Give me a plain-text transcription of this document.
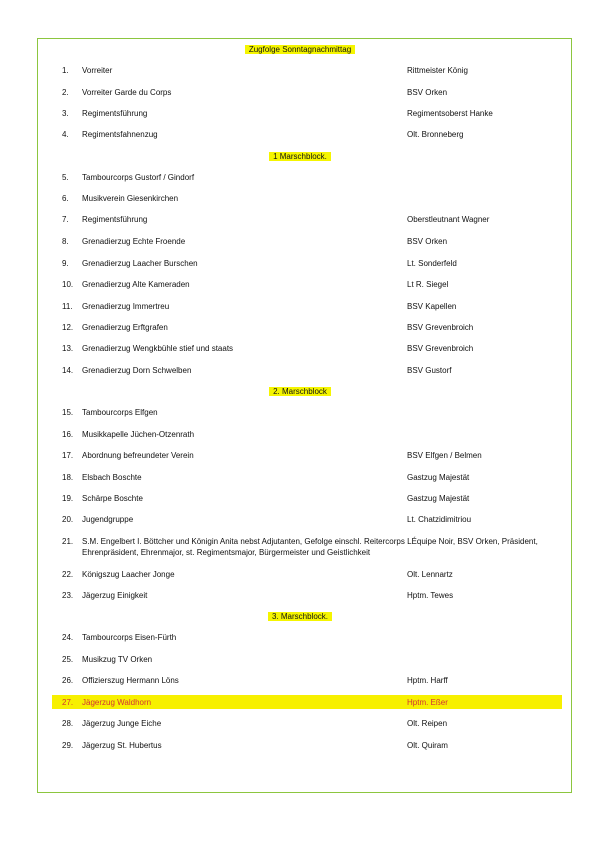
Zugfolge Sonntagnachmittag
1.	Vorreiter	Rittmeister König
2.	Vorreiter Garde du Corps	BSV Orken
3.	Regimentsführung	Regimentsoberst Hanke
4.	Regimentsfahnenzug	Olt. Bronneberg
1 Marschblock.
5.	Tambourcorps Gustorf / Gindorf
6.	Musikverein Giesenkirchen
7.	Regimentsführung	Oberstleutnant Wagner
8.	Grenadierzug Echte Froende	BSV Orken
9.	Grenadierzug Laacher Burschen	Lt. Sonderfeld
10.	Grenadierzug Alte Kameraden	Lt R. Siegel
11.	Grenadierzug Immertreu	BSV Kapellen
12.	Grenadierzug Erftgrafen	BSV Grevenbroich
13.	Grenadierzug Wengkbühle stief und staats	BSV Grevenbroich
14.	Grenadierzug Dorn Schwelben	BSV Gustorf
2. Marschblock
15.	Tambourcorps Elfgen
16.	Musikkapelle Jüchen-Otzenrath
17.	Abordnung befreundeter Verein	BSV Elfgen / Belmen
18.	Elsbach Boschte	Gastzug Majestät
19.	Schärpe Boschte	Gastzug Majestät
20.	Jugendgruppe	Lt. Chatzidimitriou
21. S.M. Engelbert I. Böttcher und Königin Anita nebst Adjutanten, Gefolge einschl. Reitercorps LÉquipe Noir, BSV Orken, Präsident, Ehrenpräsident, Ehrenmajor, st. Regimentsmajor, Bürgermeister und Geistlichkeit
22.	Königszug Laacher Jonge	Olt. Lennartz
23.	Jägerzug Einigkeit	Hptm. Tewes
3. Marschblock.
24.	Tambourcorps Eisen-Fürth
25.	Musikzug TV Orken
26.	Offizierszug Hermann Löns	Hptm. Harff
27. Jägerzug Waldhorn	Hptm. Eßer
28.	Jägerzug Junge Eiche	Olt. Reipen
29.	Jägerzug St. Hubertus	Olt. Quiram
